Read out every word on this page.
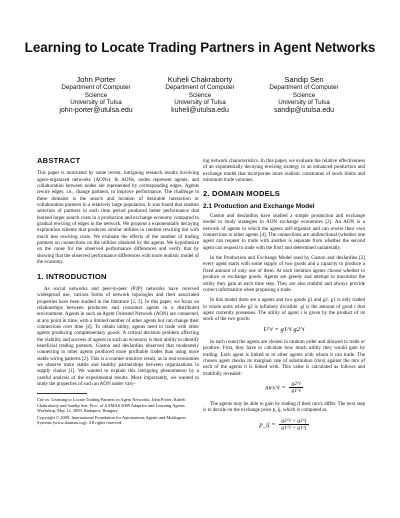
Learning to Locate Trading Partners in Agent Networks
John Porter
Department of Computer
Science
University of Tulsa
john-porter@utulsa.edu
Kuheli Chakraborty
Department of Computer
Science
University of Tulsa
kuheli@utulsa.edu
Sandip Sen
Department of Computer
Science
University of Tulsa
sandip@utulsa.edu
ABSTRACT

This paper is motivated by some recent, intriguing research results involving agent-organized networks (AONs). In AONs, nodes represent agents, and collaboration between nodes are represented by corresponding edges. Agents rewire edges, i.e., change partners, to improve performance. The challenge in these domains is the search and location of desirable interaction or collaboration partners in a relatively large population. It was found that random selection of partners in each time period produced better performance that learned larger search costs in a production and exchange economy compared to gradual rewiring of edges in the network. We propose a exponentially decaying exploration scheme that produces similar utilities to random rewiring but with much less rewiring costs. We evaluate the effects of the number of trading partners on connections on the utilities obtained by the agents. We hypothesize on the cause for the observed performance differences and verify that by showing that the observed performance differences with more realistic model of the economy.

1. INTRODUCTION

As social networks and peer-to-peer (P2P) networks have received widespread use, various forms of network topologies and their associated properties have been studied in the literature [2, 3]. In this paper, we focus on relationships between producers and consumer agents in a distributed environment. Agents in such an Agent Oriented Network (AON) are connected, at any point in time, with a limited number of other agents but can change their connections over time [4]. To obtain utility, agents need to trade with other agents producing complementary goods. A critical decision problem affecting the viability and success of agents in such an economy is their ability to identify beneficial trading partners. Gaston and desJardins observed that moderately connecting to other agents produced more profitable trades than using more stable wiring patterns [2]. This is a counter-intuitive result, as in real economies we observe more stable and healthy partnerships between organizations in supply chains [1]. We wanted to explain this intriguing phenomenon by a careful analysis of the experimental results. More importantly, we wanted to study the properties of such an AON under vary-

Cite as: Learning to Locate Trading Partners in Agent Networks, John Porter, Kuheli Chakraborty and Sandip Sen, Proc. of AAMAS 2009 Adaptive and Learning Agents Workshop, May 12, 2009, Budapest, Hungary.

Copyright © 2009, International Foundation for Autonomous Agents and Multiagent Systems (www.ifaamas.org). All rights reserved.

ing network characteristics. In this paper, we evaluate the relative effectiveness of an exponentially decaying rewiring strategy in an enhanced production and exchange model that incorporate more realistic constraints of stock limits and minimum trade volumes.

2. DOMAIN MODELS
2.1 Production and Exchange Model

Gaston and desJardins have studied a simple production and exchange model to study strategies in AON exchange economies [2]. An AON is a network of agents in which the agents self-organize and can rewire their own connections to other agents [4]. The connections are undirectional (whether one agent can request to trade with another is separate from whether the second agent can request to trade with the first) and determined unilaterally.

In the Production and Exchange Model used by Gaston and desJardins [2] every agent starts with some supply of two goods and a capacity to produce a fixed amount of only one of them. At each iteration agents choose whether to produce or exchange goods. Agents are greedy and attempt to maximize the utility they gain at each time step. They are also truthful and always provide correct information when proposing a trade.

In this model there are n agents and two goods g1 and g2. g1 is only traded in whole units while g2 is infinitely divisible. gi is the amount of good i that agent currently possesses. The utility of agent i is given by the product of its stock of the two goods:

U^i = g1^i g2^i

In each round the agents are chosen in random order and allowed to trade or produce. First, they have to calculate how much utility they would gain by trading. Each agent is linked to m other agents with whom it can trade. The chosen agent checks its marginal rate of substitution (mrs) against the mrs of each of the agents it is linked with. This value is calculated as follows and truthfully revealed:

mrs^i = $\frac{g2\^{}i}{g1\^{}i}$

The agents may be able to gain by trading if their mrs's differ. The next step is to decide on the exchange price p_ij, which is computed as

p_ij = $\frac{g2\^{}i + g2\^{}j}{g1\^{}i + g1\^{}j}$
